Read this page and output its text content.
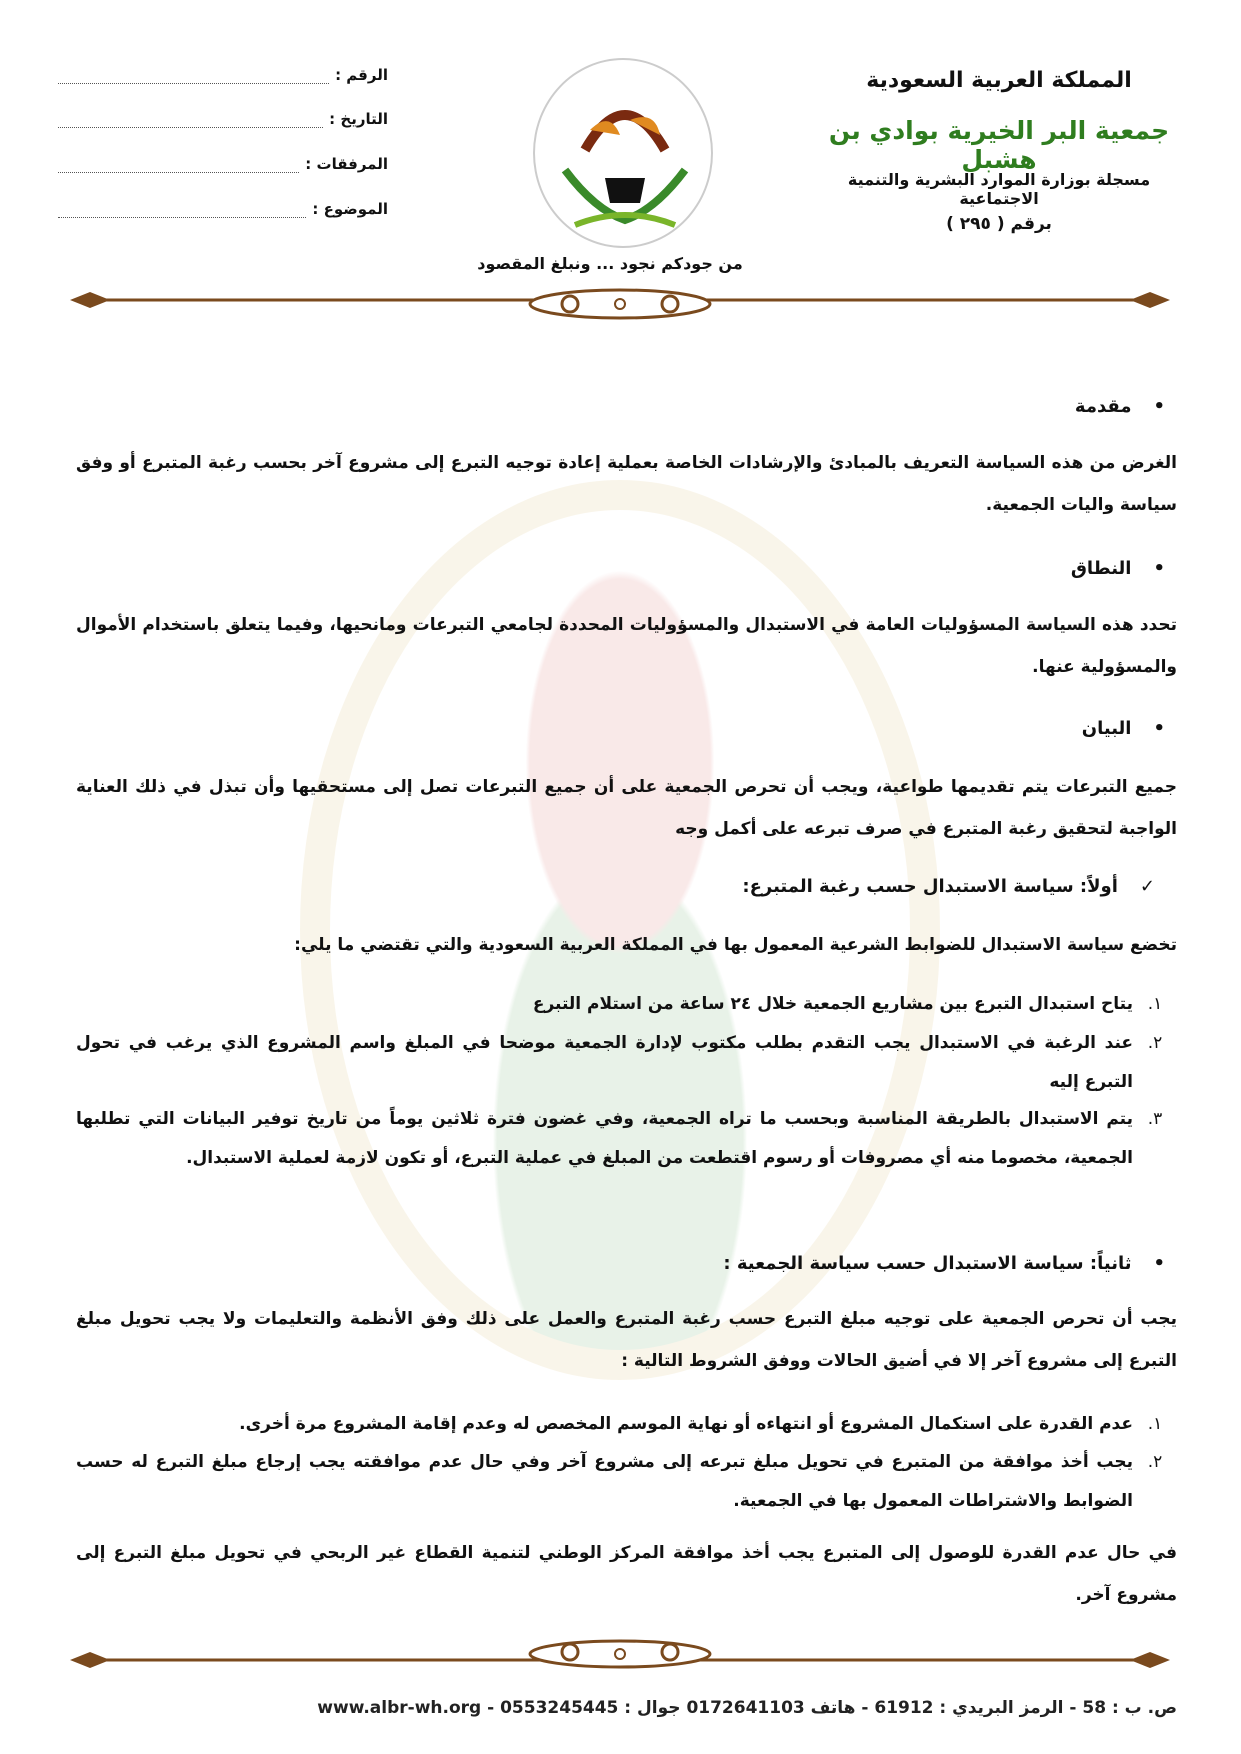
المملكة العربية السعودية
جمعية البر الخيرية بوادي بن هشبل
مسجلة بوزارة الموارد البشرية والتنمية الاجتماعية
برقم ( ٢٩٥ )
الرقم :
التاريخ :
المرفقات :
الموضوع :
من جودكم نجود ... ونبلغ المقصود
•
مقدمة
الغرض من هذه السياسة التعريف بالمبادئ والإرشادات الخاصة بعملية إعادة توجيه التبرع إلى مشروع آخر بحسب رغبة المتبرع أو وفق سياسة واليات الجمعية.
•
النطاق
تحدد هذه السياسة المسؤوليات العامة في الاستبدال والمسؤوليات المحددة لجامعي التبرعات ومانحيها، وفيما يتعلق باستخدام الأموال والمسؤولية عنها.
•
البيان
جميع التبرعات يتم تقديمها طواعية، ويجب أن تحرص الجمعية على أن جميع التبرعات تصل إلى مستحقيها وأن تبذل في ذلك العناية الواجبة لتحقيق رغبة المتبرع في صرف تبرعه على أكمل وجه
✓
أولاً: سياسة الاستبدال حسب رغبة المتبرع:
تخضع سياسة الاستبدال للضوابط الشرعية المعمول بها في المملكة العربية السعودية والتي تقتضي ما يلي:
١.
يتاح استبدال التبرع بين مشاريع الجمعية خلال ٢٤ ساعة من استلام التبرع
٢.
عند الرغبة في الاستبدال يجب التقدم بطلب مكتوب لإدارة الجمعية موضحا في المبلغ واسم المشروع الذي يرغب في تحول التبرع إليه
٣.
يتم الاستبدال بالطريقة المناسبة وبحسب ما تراه الجمعية، وفي غضون فترة ثلاثين يوماً من تاريخ توفير البيانات التي تطلبها الجمعية، مخصوما منه أي مصروفات أو رسوم اقتطعت من المبلغ في عملية التبرع، أو تكون لازمة لعملية الاستبدال.
•
ثانياً: سياسة الاستبدال حسب سياسة الجمعية :
يجب أن تحرص الجمعية على توجيه مبلغ التبرع حسب رغبة المتبرع والعمل على ذلك وفق الأنظمة والتعليمات ولا يجب تحويل مبلغ التبرع إلى مشروع آخر إلا في أضيق الحالات ووفق الشروط التالية :
١.
عدم القدرة على استكمال المشروع أو انتهاءه أو نهاية الموسم المخصص له وعدم إقامة المشروع مرة أخرى.
٢.
يجب أخذ موافقة من المتبرع في تحويل مبلغ تبرعه إلى مشروع آخر وفي حال عدم موافقته يجب إرجاع مبلغ التبرع له حسب الضوابط والاشتراطات المعمول بها في الجمعية.
في حال عدم القدرة للوصول إلى المتبرع يجب أخذ موافقة المركز الوطني لتنمية القطاع غير الربحي في تحويل مبلغ التبرع إلى مشروع آخر.
ص. ب : 58 - الرمز البريدي : 61912 - هاتف 0172641103 جوال : 0553245445 - www.albr-wh.org
